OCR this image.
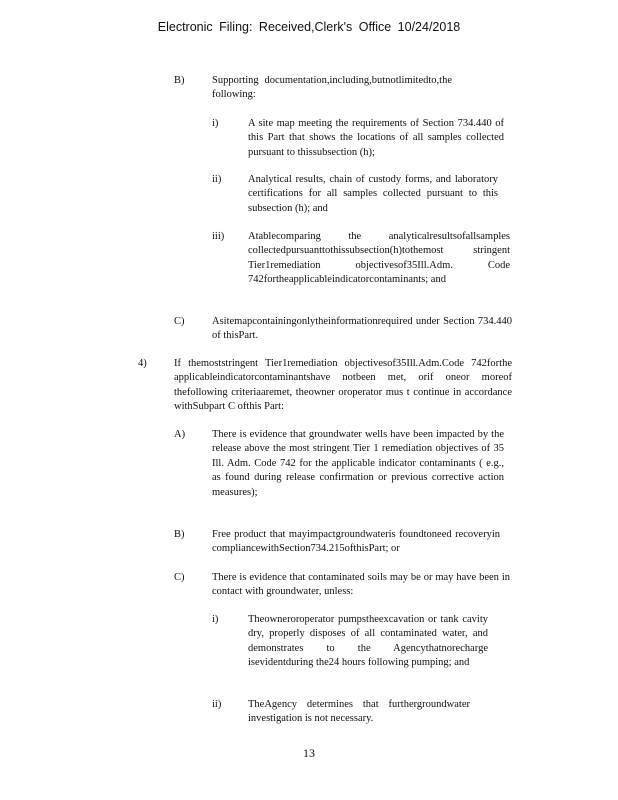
Electronic Filing: Received,Clerk's Office 10/24/2018
B)	Supporting documentation,including,butnotlimitedto,the following:
i)	A site map meeting the requirements of Section 734.440 of this Part that shows the locations of all samples collected pursuant to thissubsection (h);
ii)	Analytical results, chain of custody forms, and laboratory certifications for all samples collected pursuant to this subsection (h); and
iii) Atablecomparing the analyticalresultsofallsamples collectedpursuanttothissubsection(h)tothemost stringent Tier1remediation objectivesof35Ill.Adm. Code 742fortheapplicableindicatorcontaminants; and
C)	Asitemapcontainingonlytheinformationrequired under Section 734.440 of thisPart.
4)	If themoststringent Tier1remediation objectivesof35Ill.Adm.Code 742forthe applicableindicatorcontaminantshave notbeen met, orif oneor moreof thefollowing criteriaaremet, theowner oroperator mus t continue in accordance withSubpart C ofthis Part:
A)	There is evidence that groundwater wells have been impacted by the release above the most stringent Tier 1 remediation objectives of 35 Ill. Adm. Code 742 for the applicable indicator contaminants ( e.g., as found during release confirmation or previous corrective action measures);
B)	Free product that mayimpactgroundwateris foundtoneed recoveryin compliancewithSection734.215ofthisPart; or
C)	There is evidence that contaminated soils may be or may have been in contact with groundwater, unless:
i)	Theowneroroperator pumpstheexcavation or tank cavity dry, properly disposes of all contaminated water, and demonstrates to the Agencythatnorecharge isevidentduring the24 hours following pumping; and
ii)	TheAgency determines that furthergroundwater investigation is not necessary.
13
